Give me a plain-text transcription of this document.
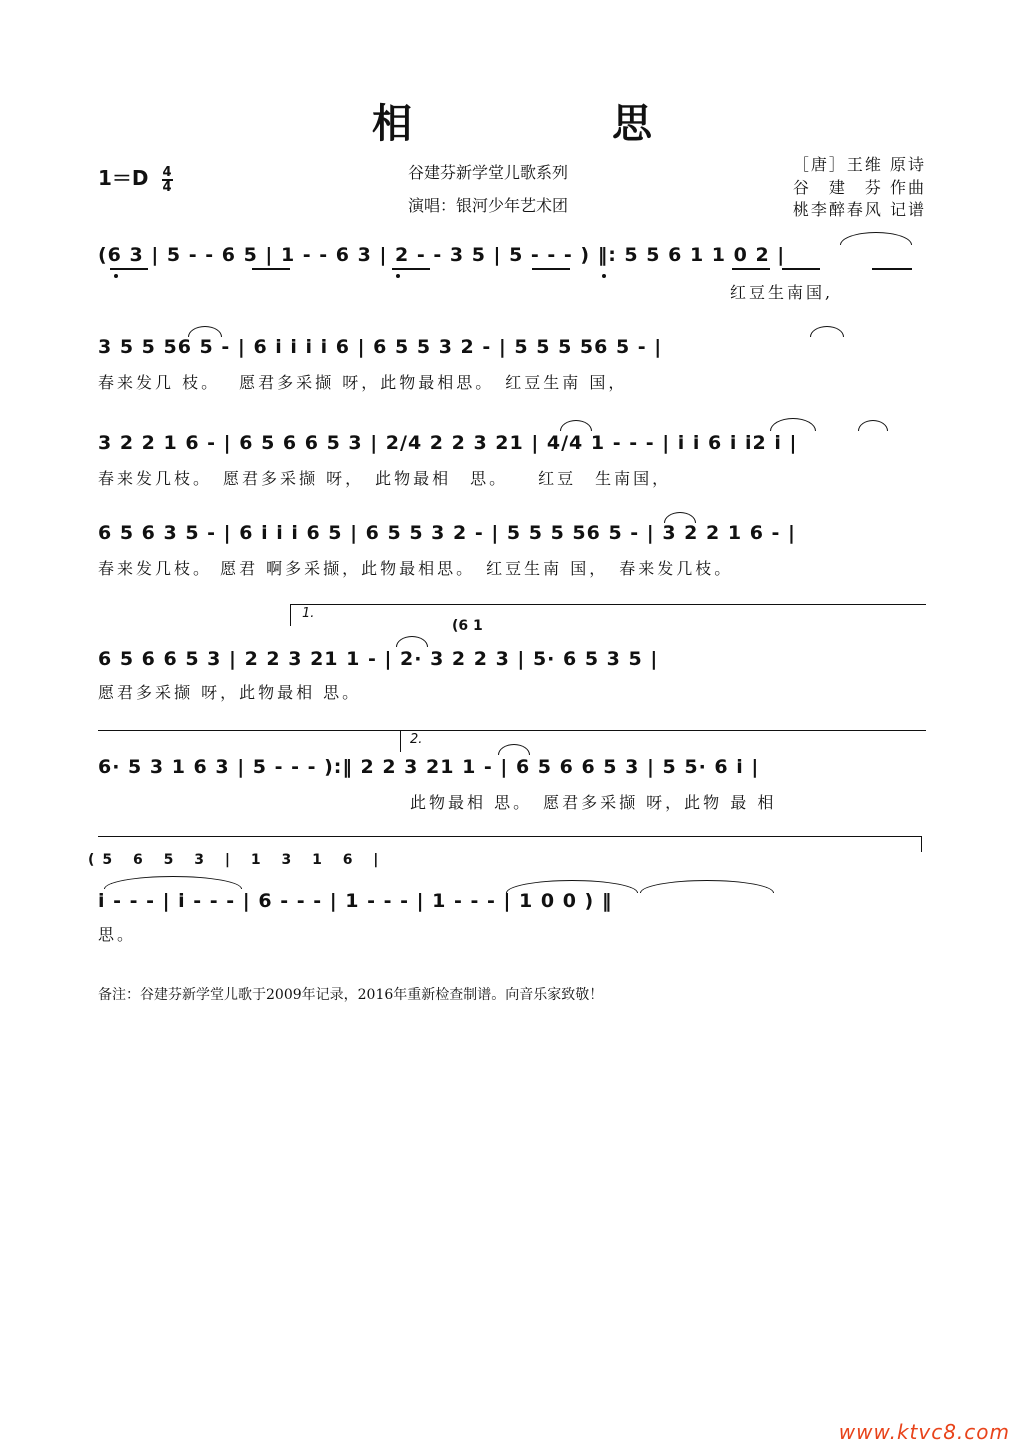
相　思
$1=D \frac{4}{4}$	谷建芬新学堂儿歌系列
演唱：银河少年艺术团
［唐］王维 原诗
谷　建　芬 作曲
桃李醉春风 记谱
(6 3 | 5 - - 6 5 | 1 - - 6 3 | 2 - - 3 5 | 5 - - - ) ‖: 5 5 6 1 1 0 2 |
红豆生南国,
3 5 5 56 5 - | 6 i i i i 6 | 6 5 5 3 2 - | 5 5 5 56 5 - |
春来发几 枝。　 愿君多采撷 呀，此物最相思。　红豆生南 国，
3 2 2 1 6 - | 6 5 6 6 5 3 | 2/4 2 2 3 21 | 4/4 1 - - - | i i 6 i i2 i |
春来发几枝。　愿君多采撷 呀，　此物最相　思。　　红豆　生南国，
6 5 6 3 5 - | 6 i i i 6 5 | 6 5 5 3 2 - | 5 5 5 56 5 - | 3 2 2 1 6 - |
春来发几枝。 愿君 啊多采撷，此物最相思。　红豆生南 国，　春来发几枝。
1.
(6 1
6 5 6 6 5 3 | 2 2 3 21 1 - | 2· 3 2 2 3 | 5· 6 5 3 5 |
愿君多采撷 呀，此物最相 思。
2.
6· 5 3 1 6 3 | 5 - - - ):‖ 2 2 3 21 1 - | 6 5 6 6 5 3 | 5 5· 6 i |
此物最相 思。　愿君多采撷 呀，此物 最 相
(5 6 5 3 | 1 3 1 6 |
i - - - | i - - - | 6 - - - | 1 - - - | 1 - - - | 1 0 0 ) ‖
思。
备注：谷建芬新学堂儿歌于2009年记录，2016年重新检查制谱。向音乐家致敬！
www.ktvc8.com
